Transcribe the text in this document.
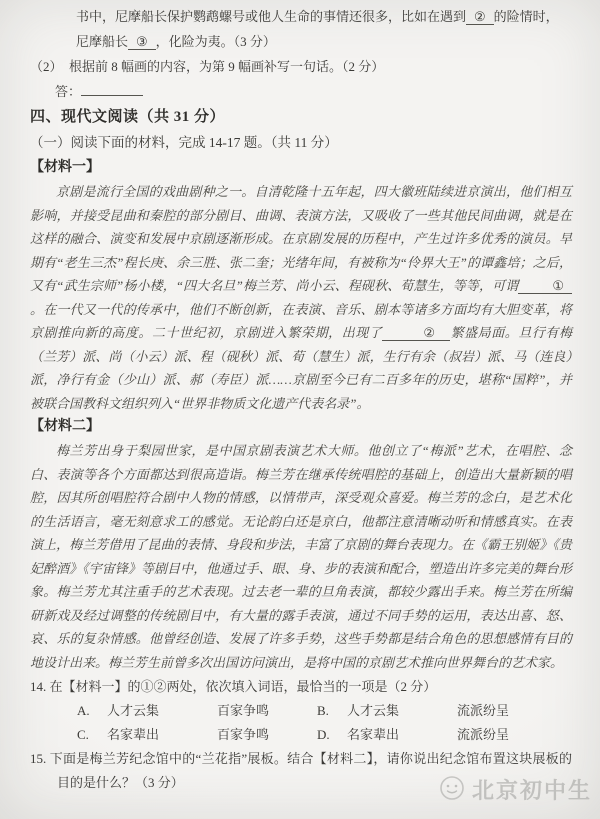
书中，尼摩船长保护鹦鹉螺号或他人生命的事情还很多，比如在遇到 ② 的险情时，

尼摩船长 ③ ，化险为夷。（3 分）

（2）　根据前 8 幅画的内容，为第 9 幅画补写一句话。（2 分）

答：

四、现代文阅读（共 31 分）

（一）阅读下面的材料，完成 14-17 题。（共 11 分）

【材料一】

京剧是流行全国的戏曲剧种之一。自清乾隆十五年起，四大徽班陆续进京演出，他们相互影响，并接受昆曲和秦腔的部分剧目、曲调、表演方法，又吸收了一些其他民间曲调，就是在这样的融合、演变和发展中京剧逐渐形成。在京剧发展的历程中，产生过许多优秀的演员。早期有“老生三杰”程长庚、余三胜、张二奎；光绪年间，有被称为“伶界大王”的谭鑫培；之后，又有“武生宗师”杨小楼，“四大名旦”梅兰芳、尚小云、程砚秋、荀慧生，等等，可谓	①。在一代又一代的传承中，他们不断创新，在表演、音乐、剧本等诸多方面均有大胆变革，将京剧推向新的高度。二十世纪初，京剧进入繁荣期，出现了	② 繁盛局面。旦行有梅（兰芳）派、尚（小云）派、程（砚秋）派、荀（慧生）派，生行有余（叔岩）派、马（连良）派，净行有金（少山）派、郝（寿臣）派……京剧至今已有二百多年的历史，堪称“国粹”，并被联合国教科文组织列入“世界非物质文化遗产代表名录”。

【材料二】

梅兰芳出身于梨园世家，是中国京剧表演艺术大师。他创立了“梅派”艺术，在唱腔、念白、表演等各个方面都达到很高造诣。梅兰芳在继承传统唱腔的基础上，创造出大量新颖的唱腔，因其所创唱腔符合剧中人物的情感，以情带声，深受观众喜爱。梅兰芳的念白，是艺术化的生活语言，毫无刻意求工的感觉。无论韵白还是京白，他都注意清晰动听和情感真实。在表演上，梅兰芳借用了昆曲的表情、身段和步法，丰富了京剧的舞台表现力。在《霸王别姬》《贵妃醉酒》《宇宙锋》等剧目中，他通过手、眼、身、步的表演和配合，塑造出许多完美的舞台形象。梅兰芳尤其注重手的艺术表现。过去老一辈的旦角表演，都较少露出手来。梅兰芳在所编研新戏及经过调整的传统剧目中，有大量的露手表演，通过不同手势的运用，表达出喜、怒、哀、乐的复杂情感。他曾经创造、发展了许多手势，这些手势都是结合角色的思想感情有目的地设计出来。梅兰芳生前曾多次出国访问演出，是将中国的京剧艺术推向世界舞台的艺术家。

14. 在【材料一】的①②两处，依次填入词语，最恰当的一项是（2 分）

A.	人才云集	百家争鸣	B.	人才云集	流派纷呈
C.	名家辈出	百家争鸣	D.	名家辈出	流派纷呈

15. 下面是梅兰芳纪念馆中的“兰花指”展板。结合【材料二】，请你说出纪念馆布置这块展板的目的是什么？（3 分）	北京初中生
